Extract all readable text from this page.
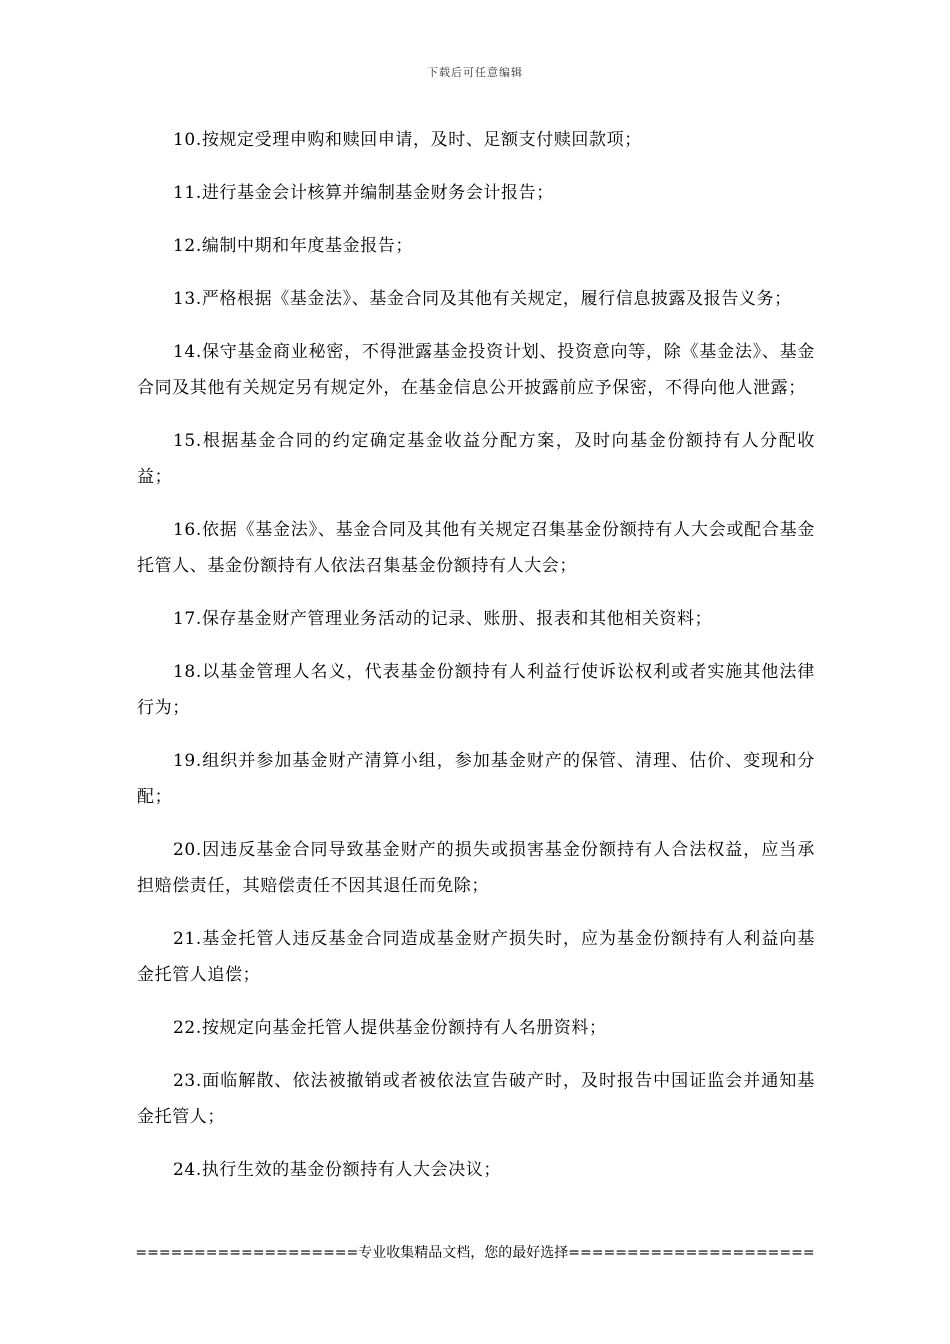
下载后可任意编辑

10.按规定受理申购和赎回申请，及时、足额支付赎回款项；

11.进行基金会计核算并编制基金财务会计报告；

12.编制中期和年度基金报告；

13.严格根据《基金法》、基金合同及其他有关规定，履行信息披露及报告义务；

14.保守基金商业秘密，不得泄露基金投资计划、投资意向等，除《基金法》、基金合同及其他有关规定另有规定外，在基金信息公开披露前应予保密，不得向他人泄露；

15.根据基金合同的约定确定基金收益分配方案，及时向基金份额持有人分配收益；

16.依据《基金法》、基金合同及其他有关规定召集基金份额持有人大会或配合基金托管人、基金份额持有人依法召集基金份额持有人大会；

17.保存基金财产管理业务活动的记录、账册、报表和其他相关资料；

18.以基金管理人名义，代表基金份额持有人利益行使诉讼权利或者实施其他法律行为；

19.组织并参加基金财产清算小组，参加基金财产的保管、清理、估价、变现和分配；

20.因违反基金合同导致基金财产的损失或损害基金份额持有人合法权益，应当承担赔偿责任，其赔偿责任不因其退任而免除；

21.基金托管人违反基金合同造成基金财产损失时，应为基金份额持有人利益向基金托管人追偿；

22.按规定向基金托管人提供基金份额持有人名册资料；

23.面临解散、依法被撤销或者被依法宣告破产时，及时报告中国证监会并通知基金托管人；

24.执行生效的基金份额持有人大会决议；

===================专业收集精品文档，您的最好选择=====================
